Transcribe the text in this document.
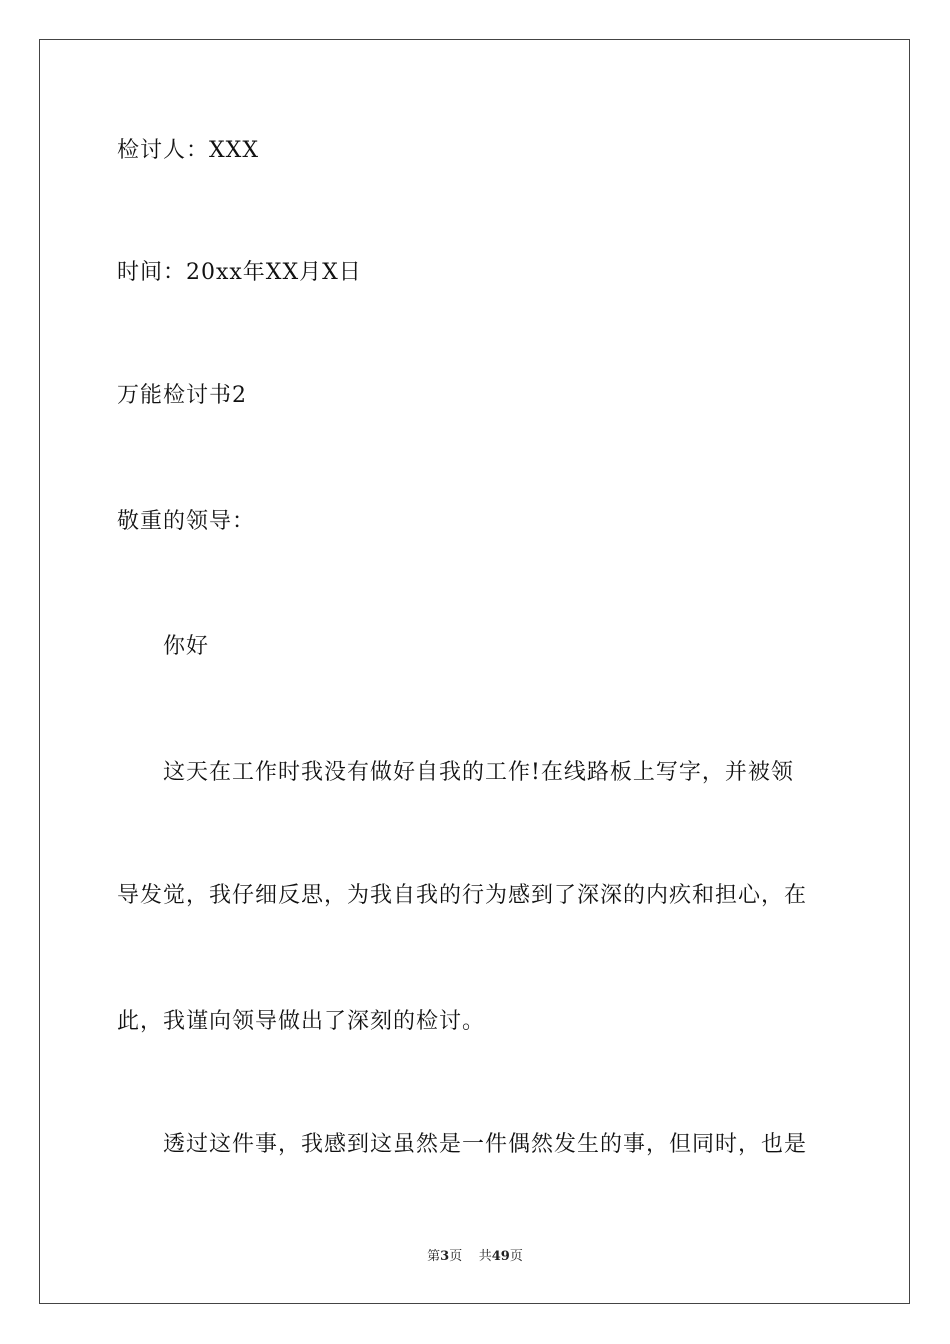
检讨人：XXX
时间：20xx年XX月X日
万能检讨书2
敬重的领导：
你好
这天在工作时我没有做好自我的工作!在线路板上写字，并被领
导发觉，我仔细反思，为我自我的行为感到了深深的内疚和担心，在
此，我谨向领导做出了深刻的检讨。
透过这件事，我感到这虽然是一件偶然发生的事，但同时，也是
第3页 共49页
